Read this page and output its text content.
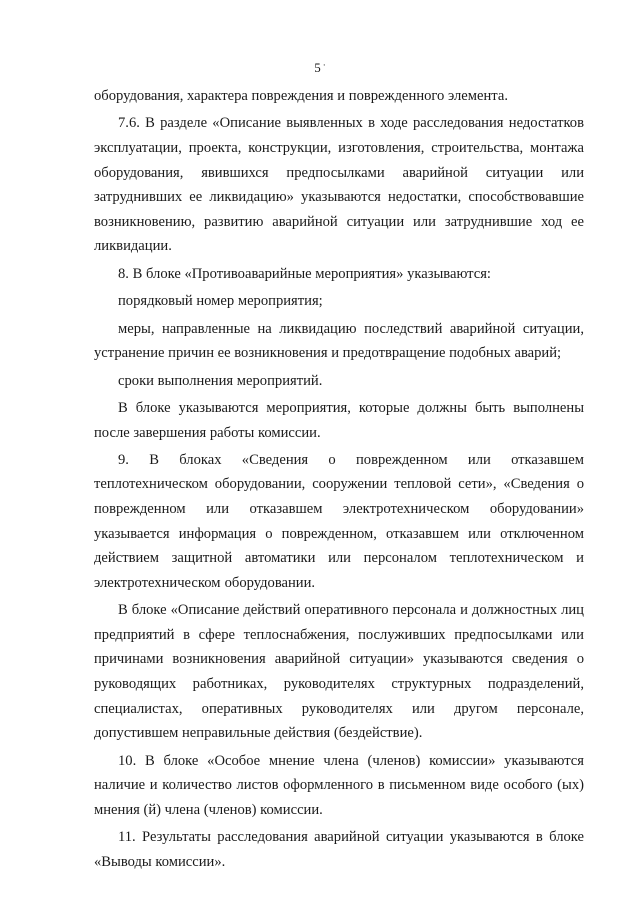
5 ·

оборудования, характера повреждения и поврежденного элемента.

7.6. В разделе «Описание выявленных в ходе расследования недостатков эксплуатации, проекта, конструкции, изготовления, строительства, монтажа оборудования, явившихся предпосылками аварийной ситуации или затруднивших ее ликвидацию» указываются недостатки, способствовавшие возникновению, развитию аварийной ситуации или затруднившие ход ее ликвидации.

8. В блоке «Противоаварийные мероприятия» указываются:

порядковый номер мероприятия;

меры, направленные на ликвидацию последствий аварийной ситуации, устранение причин ее возникновения и предотвращение подобных аварий;

сроки выполнения мероприятий.

В блоке указываются мероприятия, которые должны быть выполнены после завершения работы комиссии.

9. В блоках «Сведения о поврежденном или отказавшем теплотехническом оборудовании, сооружении тепловой сети», «Сведения о поврежденном или отказавшем электротехническом оборудовании» указывается информация о поврежденном, отказавшем или отключенном действием защитной автоматики или персоналом теплотехническом и электротехническом оборудовании.

В блоке «Описание действий оперативного персонала и должностных лиц предприятий в сфере теплоснабжения, послуживших предпосылками или причинами возникновения аварийной ситуации» указываются сведения о руководящих работниках, руководителях структурных подразделений, специалистах, оперативных руководителях или другом персонале, допустившем неправильные действия (бездействие).

10. В блоке «Особое мнение члена (членов) комиссии» указываются наличие и количество листов оформленного в письменном виде особого (ых) мнения (й) члена (членов) комиссии.

11. Результаты расследования аварийной ситуации указываются в блоке «Выводы комиссии».
